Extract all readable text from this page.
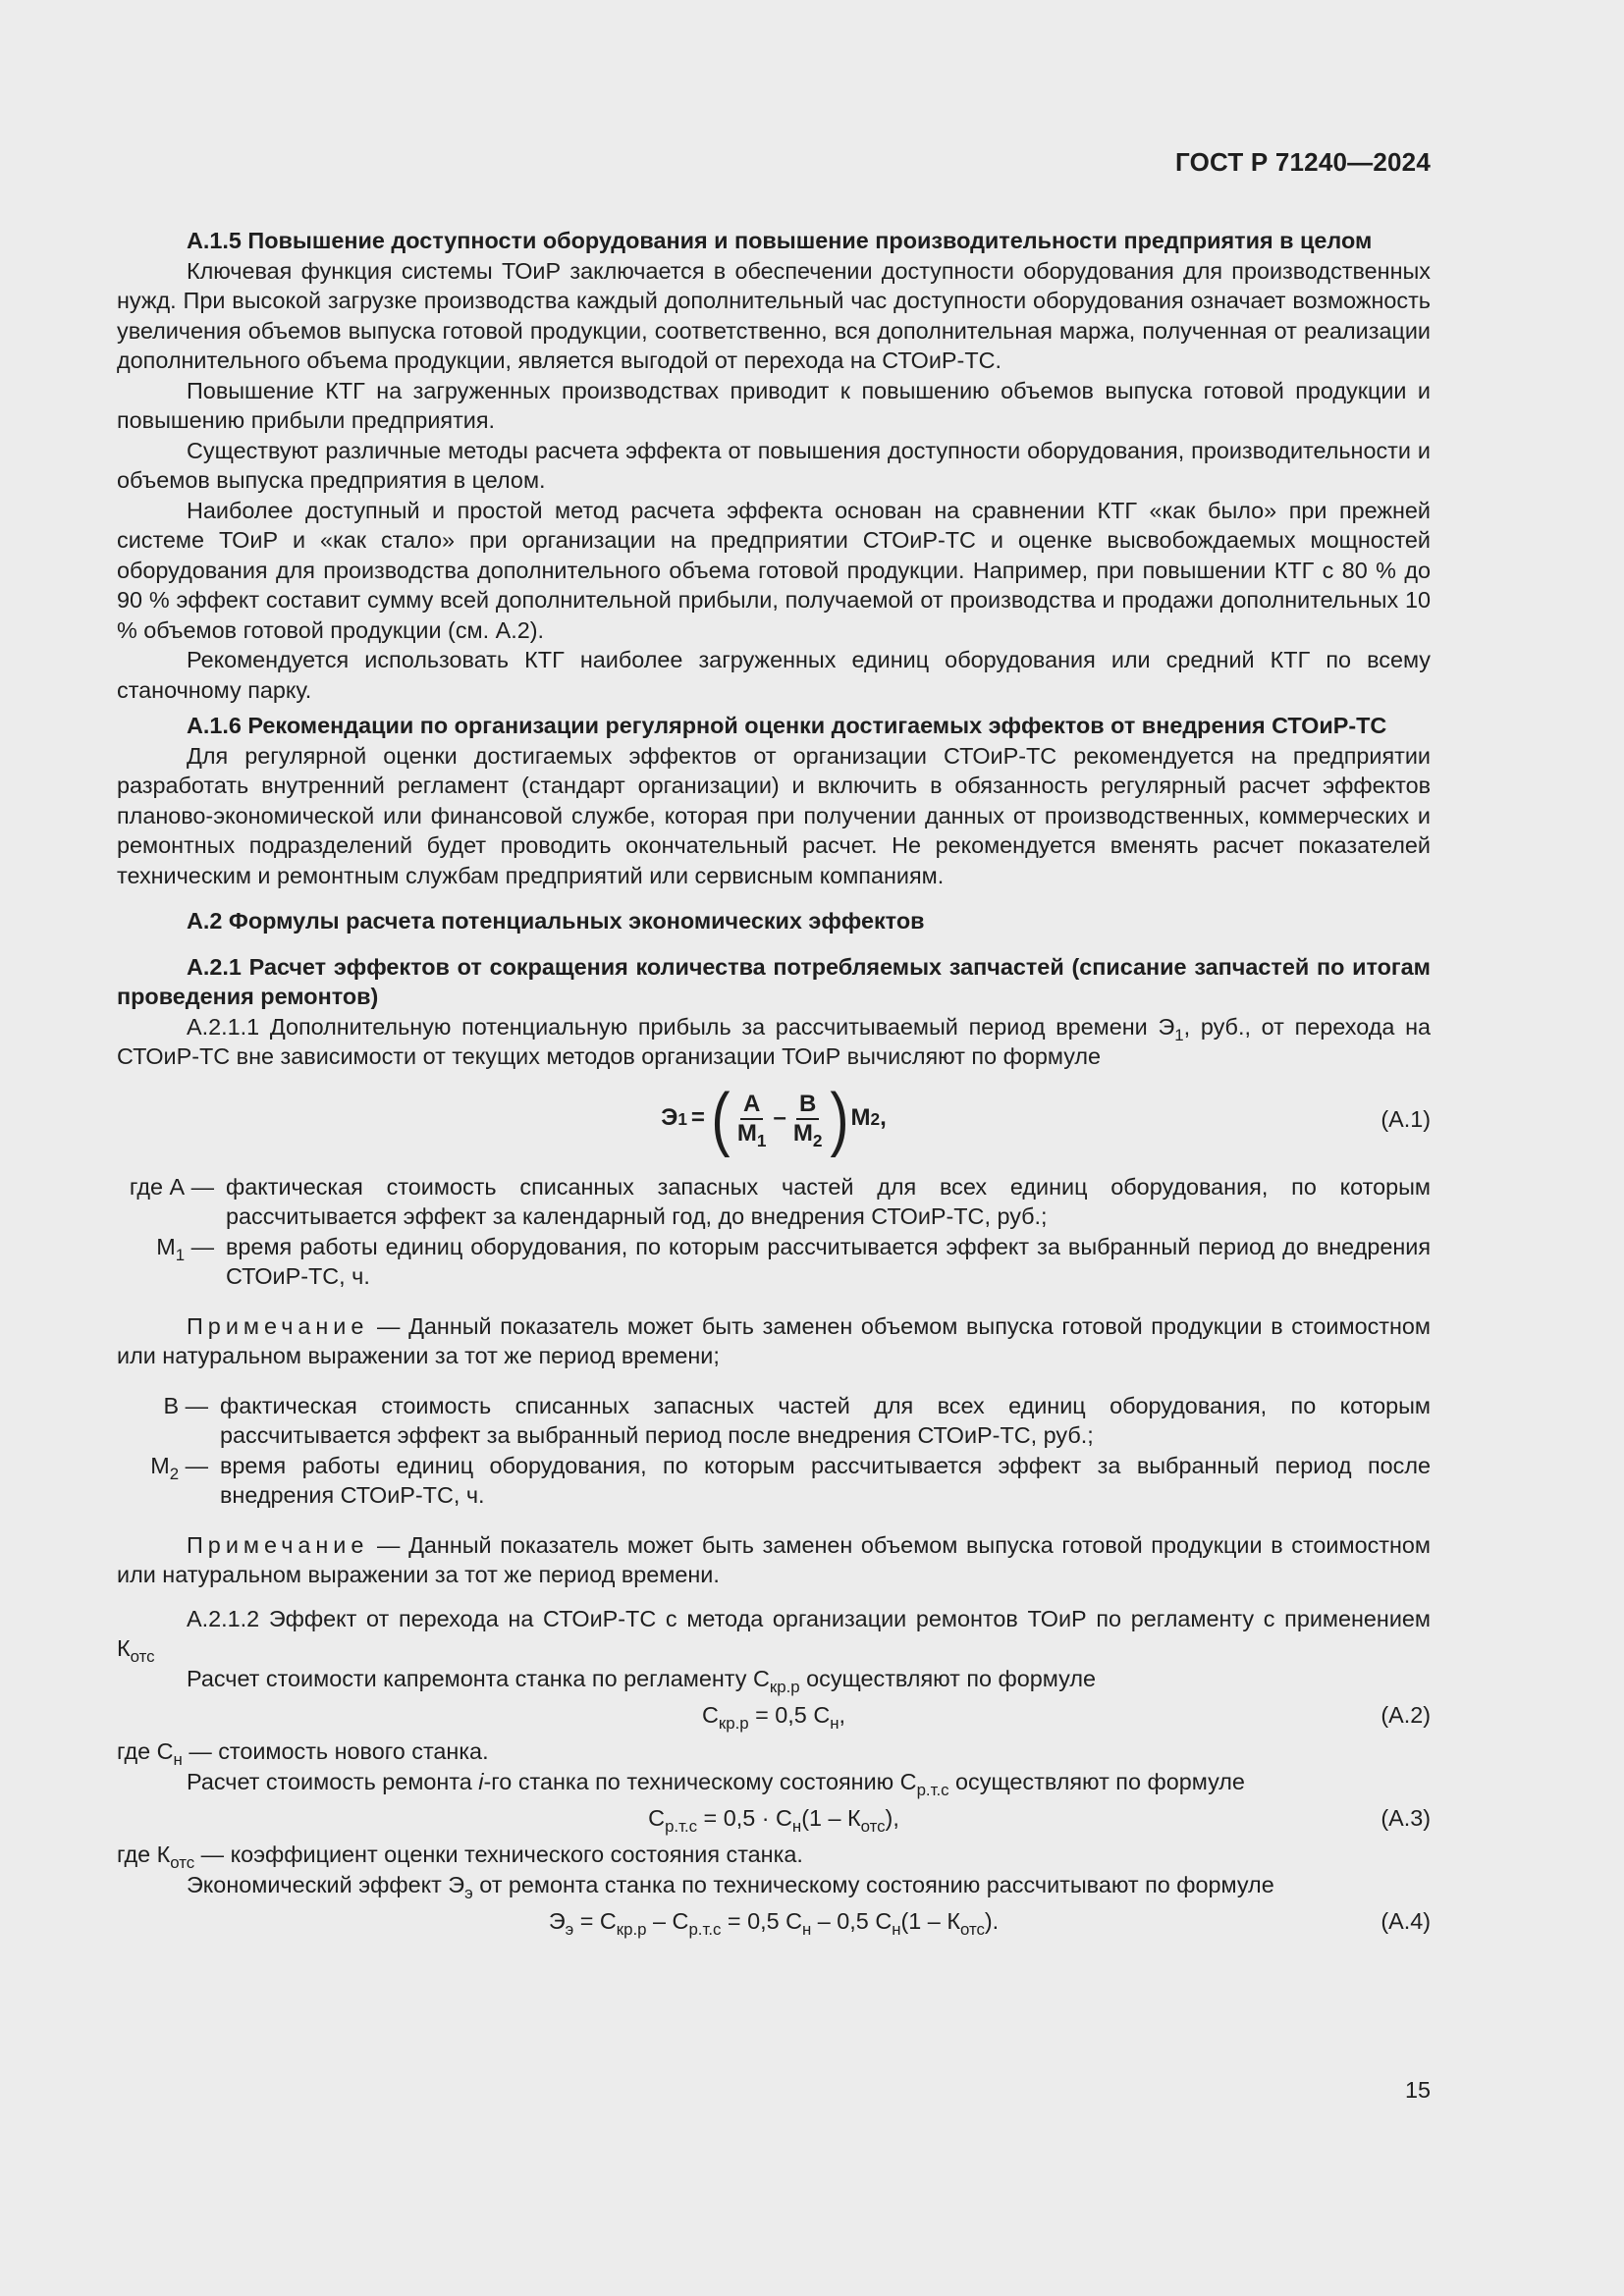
ГОСТ Р 71240—2024

А.1.5 Повышение доступности оборудования и повышение производительности предприятия в целом

Ключевая функция системы ТОиР заключается в обеспечении доступности оборудования для производственных нужд. При высокой загрузке производства каждый дополнительный час доступности оборудования означает возможность увеличения объемов выпуска готовой продукции, соответственно, вся дополнительная маржа, полученная от реализации дополнительного объема продукции, является выгодой от перехода на СТОиР-ТС.

Повышение КТГ на загруженных производствах приводит к повышению объемов выпуска готовой продукции и повышению прибыли предприятия.

Существуют различные методы расчета эффекта от повышения доступности оборудования, производительности и объемов выпуска предприятия в целом.

Наиболее доступный и простой метод расчета эффекта основан на сравнении КТГ «как было» при прежней системе ТОиР и «как стало» при организации на предприятии СТОиР-ТС и оценке высвобождаемых мощностей оборудования для производства дополнительного объема готовой продукции. Например, при повышении КТГ с 80 % до 90 % эффект составит сумму всей дополнительной прибыли, получаемой от производства и продажи дополнительных 10 % объемов готовой продукции (см. А.2).

Рекомендуется использовать КТГ наиболее загруженных единиц оборудования или средний КТГ по всему станочному парку.

А.1.6 Рекомендации по организации регулярной оценки достигаемых эффектов от внедрения СТОиР-ТС

Для регулярной оценки достигаемых эффектов от организации СТОиР-ТС рекомендуется на предприятии разработать внутренний регламент (стандарт организации) и включить в обязанность регулярный расчет эффектов планово-экономической или финансовой службе, которая при получении данных от производственных, коммерческих и ремонтных подразделений будет проводить окончательный расчет. Не рекомендуется вменять расчет показателей техническим и ремонтным службам предприятий или сервисным компаниям.

А.2 Формулы расчета потенциальных экономических эффектов

А.2.1 Расчет эффектов от сокращения количества потребляемых запчастей (списание запчастей по итогам проведения ремонтов)

А.2.1.1 Дополнительную потенциальную прибыль за рассчитываемый период времени $Э_1$, руб., от перехода на СТОиР-ТС вне зависимости от текущих методов организации ТОиР вычисляют по формуле

Э 1 = ( $\frac{А}{М_1} - \frac{В}{М_2}$ ) М 2 ,	(А.1)
где А — фактическая стоимость списанных запасных частей для всех единиц оборудования, по которым рассчитывается эффект за календарный год, до внедрения СТОиР-ТС, руб.;
$М_1$ — время работы единиц оборудования, по которым рассчитывается эффект за выбранный период до внедрения СТОиР-ТС, ч.

Примечание — Данный показатель может быть заменен объемом выпуска готовой продукции в стоимостном или натуральном выражении за тот же период времени;

В — фактическая стоимость списанных запасных частей для всех единиц оборудования, по которым рассчитывается эффект за выбранный период после внедрения СТОиР-ТС, руб.;
$М_2$ — время работы единиц оборудования, по которым рассчитывается эффект за выбранный период после внедрения СТОиР-ТС, ч.

Примечание — Данный показатель может быть заменен объемом выпуска готовой продукции в стоимостном или натуральном выражении за тот же период времени.

А.2.1.2 Эффект от перехода на СТОиР-ТС с метода организации ремонтов ТОиР по регламенту с применением $К_{отс}$

Расчет стоимости капремонта станка по регламенту $С_{кр.р}$ осуществляют по формуле

$С_{кр.р} = 0,5$ $С_н$,	(А.2)

где $С_н$ — стоимость нового станка.

Расчет стоимость ремонта i-го станка по техническому состоянию $С_{р.т.с}$ осуществляют по формуле

$С_{р.т.с} = 0,5 \cdot С_н(1 - К_{отс})$,	(А.3)

где $К_{отс}$ — коэффициент оценки технического состояния станка.

Экономический эффект $Э_э$ от ремонта станка по техническому состоянию рассчитывают по формуле

$Э_э = С_{кр.р} - С_{р.т.с} = 0,5$ $С_н - 0,5$ $С_н(1 - К_{отс})$.	(А.4)
15
